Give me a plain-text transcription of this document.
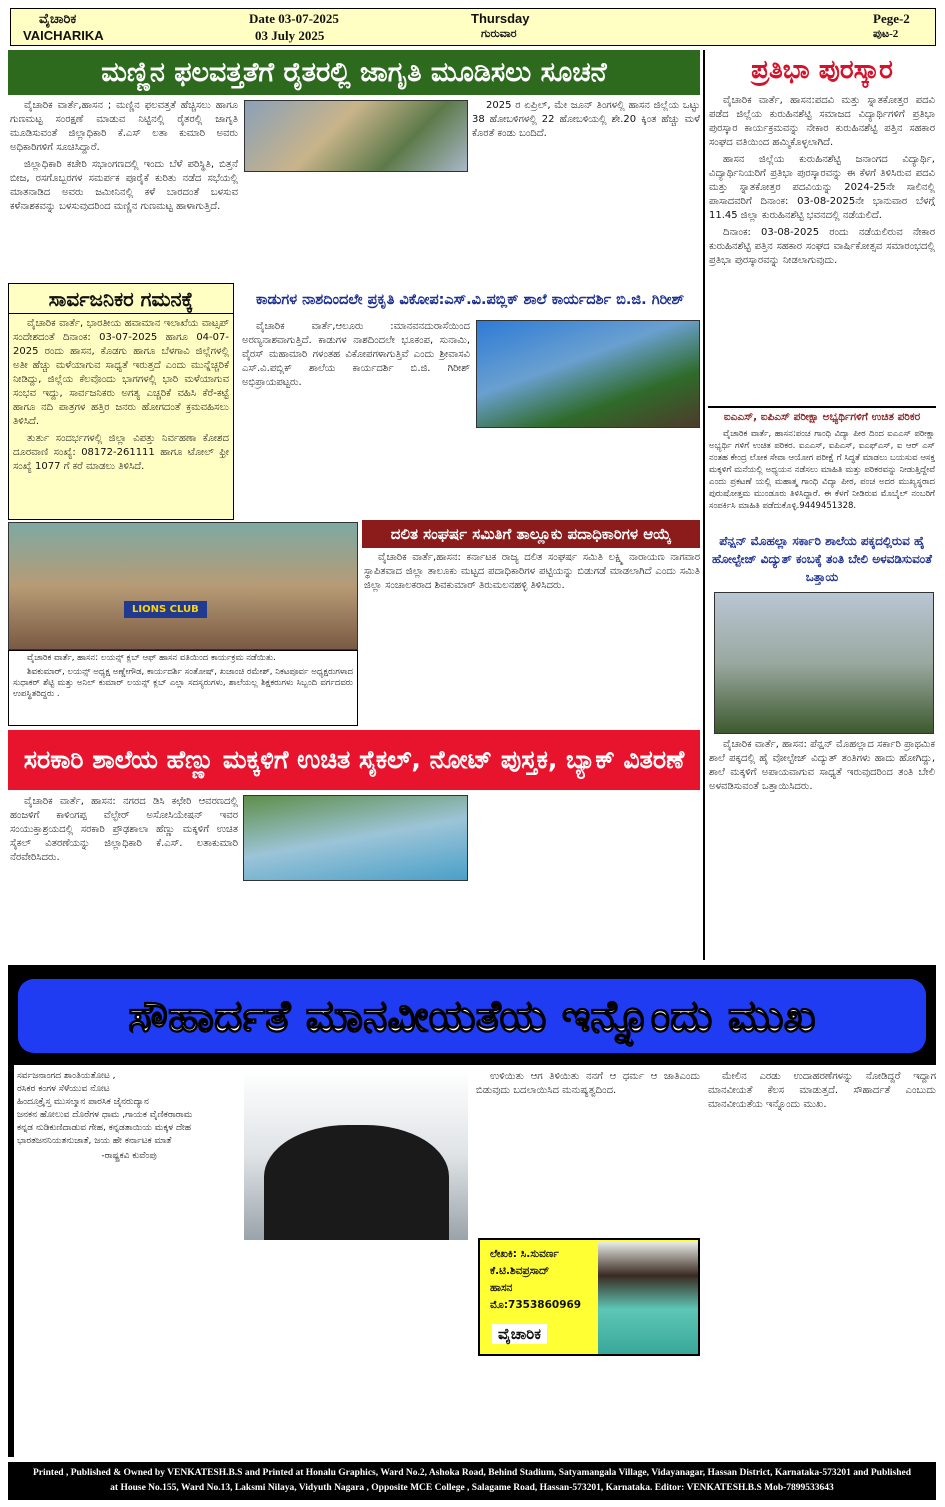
ವೈಚಾರಿಕ
VAICHARIKA
Date 03-07-2025
03 July 2025
Thursday
ಗುರುವಾರ
Pege-2
ಪುಟ-2
ಮಣ್ಣಿನ ಫಲವತ್ತತೆಗೆ ರೈತರಲ್ಲಿ ಜಾಗೃತಿ ಮೂಡಿಸಲು ಸೂಚನೆ

ವೈಚಾರಿಕ ವಾರ್ತೆ,ಹಾಸನ ; ಮಣ್ಣಿನ ಫಲವತ್ತತೆ ಹೆಚ್ಚಿಸಲು ಹಾಗೂ ಗುಣಮಟ್ಟ ಸಂರಕ್ಷಣೆ ಮಾಡುವ ನಿಟ್ಟಿನಲ್ಲಿ ರೈತರಲ್ಲಿ ಜಾಗೃತಿ ಮೂಡಿಸುವಂತೆ ಜಿಲ್ಲಾಧಿಕಾರಿ ಕೆ.ಎಸ್ ಲತಾ ಕುಮಾರಿ ಅವರು ಅಧಿಕಾರಿಗಳಿಗೆ ಸೂಚಿಸಿದ್ದಾರೆ.

ಜಿಲ್ಲಾಧಿಕಾರಿ ಕಚೇರಿ ಸಭಾಂಗಣದಲ್ಲಿ ಇಂದು ಬೆಳೆ ಪರಿಸ್ಥಿತಿ, ಬಿತ್ತನೆ ಬೀಜ, ರಸಗೊಬ್ಬರಗಳ ಸಮರ್ಪಕ ಪೂರೈಕೆ ಕುರಿತು ನಡೆದ ಸಭೆಯಲ್ಲಿ ಮಾತನಾಡಿದ ಅವರು ಜಮೀನಿನಲ್ಲಿ ಕಳೆ ಬಾರದಂತೆ ಬಳಸುವ ಕಳೆನಾಶಕವನ್ನು ಬಳಸುವುದರಿಂದ ಮಣ್ಣಿನ ಗುಣಮಟ್ಟ ಹಾಳಾಗುತ್ತಿದೆ.

2025 ರ ಏಪ್ರಿಲ್, ಮೇ ಜೂನ್ ತಿಂಗಳಲ್ಲಿ ಹಾಸನ ಜಿಲ್ಲೆಯ ಒಟ್ಟು 38 ಹೋಬಳಿಗಳಲ್ಲಿ 22 ಹೋಬಳಿಯಲ್ಲಿ ಶೇ.20 ಕ್ಕಿಂತ ಹೆಚ್ಚು ಮಳೆ ಕೊರತೆ ಕಂಡು ಬಂದಿದೆ.

ಸಾರ್ವಜನಿಕರ ಗಮನಕ್ಕೆ

ವೈಚಾರಿಕ ವಾರ್ತೆ, ಭಾರತೀಯ ಹವಾಮಾನ ಇಲಾಖೆಯ ವಾಟ್ಸಪ್ ಸಂದೇಶದಂತೆ ದಿನಾಂಕ: 03-07-2025 ಹಾಗೂ 04-07-2025 ರಂದು ಹಾಸನ, ಕೊಡಗು ಹಾಗೂ ಬೆಳಗಾವಿ ಜಿಲ್ಲೆಗಳಲ್ಲಿ ಅತೀ ಹೆಚ್ಚು ಮಳೆಯಾಗುವ ಸಾಧ್ಯತೆ ಇರುತ್ತದೆ ಎಂದು ಮುನ್ನೆಚ್ಚರಿಕೆ ನೀಡಿದ್ದು, ಜಿಲ್ಲೆಯ ಕೆಲವೊಂದು ಭಾಗಗಳಲ್ಲಿ ಭಾರಿ ಮಳೆಯಾಗುವ ಸಂಭವ ಇದ್ದು, ಸಾರ್ವಜನಿಕರು ಅಗತ್ಯ ಎಚ್ಚರಿಕೆ ವಹಿಸಿ ಕೆರೆ-ಕಟ್ಟೆ ಹಾಗೂ ನದಿ ಪಾತ್ರಗಳ ಹತ್ತಿರ ಜನರು ಹೋಗದಂತೆ ಕ್ರಮವಹಿಸಲು ತಿಳಿಸಿದೆ.

ತುರ್ತು ಸಂದರ್ಭಗಳಲ್ಲಿ ಜಿಲ್ಲಾ ವಿಪತ್ತು ನಿರ್ವಹಣಾ ಕೋಶದ ದೂರವಾಣಿ ಸಂಖ್ಯೆ: 08172-261111 ಹಾಗೂ ಟೋಲ್ ಫ್ರೀ ಸಂಖ್ಯೆ 1077 ಗೆ ಕರೆ ಮಾಡಲು ತಿಳಿಸಿದೆ.

ಕಾಡುಗಳ ನಾಶದಿಂದಲೇ ಪ್ರಕೃತಿ ವಿಕೋಪ:ಎಸ್.ವಿ.ಪಬ್ಲಿಕ್ ಶಾಲೆ ಕಾರ್ಯದರ್ಶಿ ಬಿ.ಜಿ. ಗಿರೀಶ್

ವೈಚಾರಿಕ ವಾರ್ತೆ,ಆಲೂರು :ಮಾನವನದುರಾಸೆಯಿಂದ ಅರಣ್ಯನಾಶವಾಗುತ್ತಿದೆ. ಕಾಡುಗಳ ನಾಶದಿಂದಲೇ ಭೂಕಂಪ, ಸುನಾಮಿ, ವೈರಸ್ ಮಹಾಮಾರಿ ಗಳಂತಹ ವಿಕೋಪಗಳಾಗುತ್ತಿವೆ ಎಂದು ಶ್ರೀವಾಸವಿ ಎಸ್.ವಿ.ಪಬ್ಲಿಕ್ ಶಾಲೆಯ ಕಾರ್ಯದರ್ಶಿ ಬಿ.ಜಿ. ಗಿರೀಶ್ ಅಭಿಪ್ರಾಯಪಟ್ಟರು.

LIONS CLUB

ವೈಚಾರಿಕ ವಾರ್ತೆ, ಹಾಸನ: ಲಯನ್ಸ್ ಕ್ಲಬ್ ಆಫ್ ಹಾಸನ ವತಿಯಿಂದ ಕಾರ್ಯಕ್ರಮ ನಡೆಯಿತು.

ಶಿವಕುಮಾರ್, ಲಯನ್ಸ್ ಅಧ್ಯಕ್ಷ ಅಣ್ಣೇಗೌಡ, ಕಾರ್ಯದರ್ಶಿ ಸಂತೋಷ್, ಖಜಾಂಚಿ ರಮೇಶ್, ನಿಕಟಪೂರ್ವ ಅಧ್ಯಕ್ಷರುಗಳಾದ ಸುಧಾಕರ್ ಶೆಟ್ಟಿ ಮತ್ತು ಅನಿಲ್ ಕುಮಾರ್ ಲಯನ್ಸ್ ಕ್ಲಬ್ ಎಲ್ಲಾ ಸದಸ್ಯರುಗಳು, ಶಾಲೆಯಲ್ಲ ಶಿಕ್ಷಕರುಗಳು ಸಿಬ್ಬಂದಿ ವರ್ಗದವರು ಉಪಸ್ಥಿತರಿದ್ದರು .

ದಲಿತ ಸಂಘರ್ಷ ಸಮಿತಿಗೆ ತಾಲ್ಲೂಕು ಪದಾಧಿಕಾರಿಗಳ ಆಯ್ಕೆ

ವೈಚಾರಿಕ ವಾರ್ತೆ,ಹಾಸನ: ಕರ್ನಾಟಕ ರಾಜ್ಯ ದಲಿತ ಸಂಘರ್ಷ ಸಮಿತಿ ಲಕ್ಷ್ಮಿ ನಾರಾಯಣ ನಾಗವಾರ ಸ್ಥಾಪಿತವಾದ ಜಿಲ್ಲಾ ತಾಲೂಕು ಮಟ್ಟದ ಪದಾಧಿಕಾರಿಗಳ ಪಟ್ಟಿಯನ್ನು ಬಿಡುಗಡೆ ಮಾಡಲಾಗಿದೆ ಎಂದು ಸಮಿತಿ ಜಿಲ್ಲಾ ಸಂಚಾಲಕರಾದ ಶಿವಕುಮಾರ್ ತಿರುಮಲನಹಳ್ಳಿ ತಿಳಿಸಿದರು.

ಸರಕಾರಿ ಶಾಲೆಯ ಹೆಣ್ಣು ಮಕ್ಕಳಿಗೆ ಉಚಿತ ಸೈಕಲ್, ನೋಟ್ ಪುಸ್ತಕ, ಬ್ಯಾಕ್ ವಿತರಣೆ

ವೈಚಾರಿಕ ವಾರ್ತೆ, ಹಾಸನ: ನಗರದ ಡಿಸಿ ಕಛೇರಿ ಆವರಣದಲ್ಲಿ ಹಂಜಳಿಗೆ ಕಾಳಿಂಗಪ್ಪ ವೆಲ್ಫೇರ್ ಅಸೋಸಿಯೇಷನ್ ಇವರ ಸಂಯುಕ್ತಾಶ್ರಯದಲ್ಲಿ ಸರಕಾರಿ ಪ್ರೌಢಶಾಲಾ ಹೆಣ್ಣು ಮಕ್ಕಳಿಗೆ ಉಚಿತ ಸೈಕಲ್ ವಿತರಣೆಯನ್ನು ಜಿಲ್ಲಾಧಿಕಾರಿ ಕೆ.ಎಸ್. ಲತಾಕುಮಾರಿ ನೆರವೇರಿಸಿದರು.

ಪ್ರತಿಭಾ ಪುರಸ್ಕಾರ

ವೈಚಾರಿಕ ವಾರ್ತೆ, ಹಾಸನ:ಪದವಿ ಮತ್ತು ಸ್ನಾತಕೋತ್ತರ ಪದವಿ ಪಡೆದ ಜಿಲ್ಲೆಯ ಕುರುಹಿನಶೆಟ್ಟಿ ಸಮಾಜದ ವಿದ್ಯಾರ್ಥಿಗಳಿಗೆ ಪ್ರತಿಭಾ ಪುರಸ್ಕಾರ ಕಾರ್ಯಕ್ರಮವನ್ನು ನೇಕಾರ ಕುರುಹಿನಶೆಟ್ಟಿ ಪತ್ತಿನ ಸಹಕಾರ ಸಂಘದ ವತಿಯಿಂದ ಹಮ್ಮಿಕೊಳ್ಳಲಾಗಿದೆ.

ಹಾಸನ ಜಿಲ್ಲೆಯ ಕುರುಹಿನಶೆಟ್ಟಿ ಜನಾಂಗದ ವಿದ್ಯಾರ್ಥಿ, ವಿದ್ಯಾರ್ಥಿನಿಯರಿಗೆ ಪ್ರತಿಭಾ ಪುರಸ್ಕಾರವನ್ನು ಈ ಕೆಳಗೆ ತಿಳಿಸಿರುವ ಪದವಿ ಮತ್ತು ಸ್ನಾತಕೋತ್ತರ ಪದವಿಯನ್ನು 2024-25ನೇ ಸಾಲಿನಲ್ಲಿ ಪಾಸಾದವರಿಗೆ ದಿನಾಂಕ: 03-08-2025ನೇ ಭಾನುವಾರ ಬೆಳಗ್ಗೆ 11.45 ಜಿಲ್ಲಾ ಕುರುಹಿನಶೆಟ್ಟಿ ಭವನದಲ್ಲಿ ನಡೆಯಲಿದೆ.

ದಿನಾಂಕ: 03-08-2025 ರಂದು ನಡೆಯಲಿರುವ ನೇಕಾರ ಕುರುಹಿನಶೆಟ್ಟಿ ಪತ್ತಿನ ಸಹಕಾರ ಸಂಘದ ವಾರ್ಷಿಕೋತ್ಸವ ಸಮಾರಂಭದಲ್ಲಿ ಪ್ರತಿಭಾ ಪುರಸ್ಕಾರವನ್ನು ನೀಡಲಾಗುವುದು.

ಐಎಎಸ್, ಐಪಿಎಸ್ ಪರೀಕ್ಷಾ ಅಭ್ಯರ್ಥಿಗಳಿಗೆ ಉಚಿತ ಪರಿಕರ

ವೈಚಾರಿಕ ವಾರ್ತೆ, ಹಾಸನ:ಪಂಚ ಗಾಂಧಿ ವಿದ್ಯಾ ಪೀಠ ದಿಂದ ಐಎಎಸ್ ಪರೀಕ್ಷಾ ಅಭ್ಯರ್ಥಿ ಗಳಿಗೆ ಉಚಿತ ಪರಿಕರ. ಐಎಎಸ್, ಐಪಿಎಸ್, ಐಎಫ್ಎಸ್, ಐ ಆರ್ ಎಸ್ ನಂತಹ ಕೇಂದ್ರ ಲೋಕ ಸೇವಾ ಆಯೋಗ ಪರೀಕ್ಷೆ ಗೆ ಸಿದ್ಧತೆ ಮಾಡಲು ಬಯಸುವ ಆಸಕ್ತ ಮಕ್ಕಳಿಗೆ ಮನೆಯಲ್ಲಿ ಅಧ್ಯಯನ ನಡೆಸಲು ಮಾಹಿತಿ ಮತ್ತು ಪರಿಕರವನ್ನು ನೀಡುತ್ತಿದ್ದೇವೆ ಎಂದು ಪ್ರಕಟಣೆ ಯಲ್ಲಿ ಮಹಾತ್ಮ ಗಾಂಧಿ ವಿದ್ಯಾ ಪೀಠ, ಪಂಚ ಅದರ ಮುಖ್ಯಸ್ಥರಾದ ಪುರುಷೋತ್ತಮ ಮುಂಡೂರು ತಿಳಿಸಿದ್ದಾರೆ. ಈ ಕೆಳಗೆ ನೀಡಿರುವ ಮೊಬೈಲ್ ನಂಬರಿಗೆ ಸಂಪರ್ಕಿಸಿ ಮಾಹಿತಿ ಪಡೆದುಕೊಳ್ಳಿ.9449451328.

ಪೆನ್ಷನ್ ಮೊಹಲ್ಲಾ ಸರ್ಕಾರಿ ಶಾಲೆಯ ಪಕ್ಕದಲ್ಲಿರುವ ಹೈ ಹೋಲ್ಟೇಜ್ ವಿದ್ಯುತ್ ಕಂಬಕ್ಕೆ ತಂತಿ ಬೇಲಿ ಅಳವಡಿಸುವಂತೆ ಒತ್ತಾಯ

ವೈಚಾರಿಕ ವಾರ್ತೆ, ಹಾಸನ: ಪೆನ್ಷನ್ ಮೊಹಲ್ಲಾದ ಸರ್ಕಾರಿ ಪ್ರಾಥಮಿಕ ಶಾಲೆ ಪಕ್ಕದಲ್ಲಿ ಹೈ ವೋಲ್ಟೇಜ್ ವಿದ್ಯುತ್ ತಂತಿಗಳು ಹಾದು ಹೋಗಿದ್ದು, ಶಾಲೆ ಮಕ್ಕಳಿಗೆ ಅಪಾಯವಾಗುವ ಸಾಧ್ಯತೆ ಇರುವುದರಿಂದ ತಂತಿ ಬೇಲಿ ಅಳವಡಿಸುವಂತೆ ಒತ್ತಾಯಿಸಿದರು.

ಸೌಹಾರ್ದತೆ ಮಾನವೀಯತೆಯ ಇನ್ನೊಂದು ಮುಖ
ಸರ್ವಜನಾಂಗದ ಶಾಂತಿಯತೋಟ ,
ರಸಿಕರ ಕಂಗಳ ಸೆಳೆಯುವ ನೋಟ
ಹಿಂದೂಕ್ರೈಸ್ತ ಮುಸಲ್ಮಾನ ಪಾರಸಿಕ ಜೈನರುದ್ಯಾನ
ಜನಕನ ಹೋಲುವ ದೊರೆಗಳ ಧಾಮ ,ಗಾಯಕ ವೈಣಿಕರಾರಾಮ
ಕನ್ನಡ ನುಡಿಕುಣಿದಾಡುವ ಗೇಹ, ಕನ್ನಡತಾಯಿಯ ಮಕ್ಕಳ ದೇಹ
ಭಾರತಜನನಿಯತನುಜಾತೆ, ಜಯ ಹೇ ಕರ್ನಾಟಕ ಮಾತೆ
-ರಾಷ್ಟ್ರಕವಿ ಕುವೆಂಪು

ಉಳಿಯಿತು ಆಗ ತಿಳಿಯಿತು ನನಗೆ ಆ ಧರ್ಮ ಆ ಜಾತಿಎಂದು ಬಿಡುವುದು ಬದಲಾಯಿಸಿದ ಮನುಷ್ಯತ್ವದಿಂದ.

ಲೇಖಕಿ: ಸಿ.ಸುವರ್ಣ
ಕೆ.ಟಿ.ಶಿವಪ್ರಸಾದ್
ಹಾಸನ
ಮೊ:7353860969
ವೈಚಾರಿಕ

ಮೇಲಿನ ಎರಡು ಉದಾಹರಣೆಗಳನ್ನು ನೋಡಿದ್ದರೆ ಇದ್ದಾಗ ಮಾನವೀಯತೆ ಕೆಲಸ ಮಾಡುತ್ತದೆ. ಸೌಹಾರ್ದತೆ ಎಂಬುದು ಮಾನವೀಯತೆಯ ಇನ್ನೊಂದು ಮುಖ.

Printed , Published & Owned by VENKATESH.B.S and Printed at Honalu Graphics, Ward No.2, Ashoka Road, Behind Stadium, Satyamangala Village, Vidayanagar, Hassan District, Karnataka-573201 and Published
at House No.155, Ward No.13, Laksmi Nilaya, Vidyuth Nagara , Opposite MCE College , Salagame Road, Hassan-573201, Karnataka. Editor: VENKATESH.B.S Mob-7899533643
